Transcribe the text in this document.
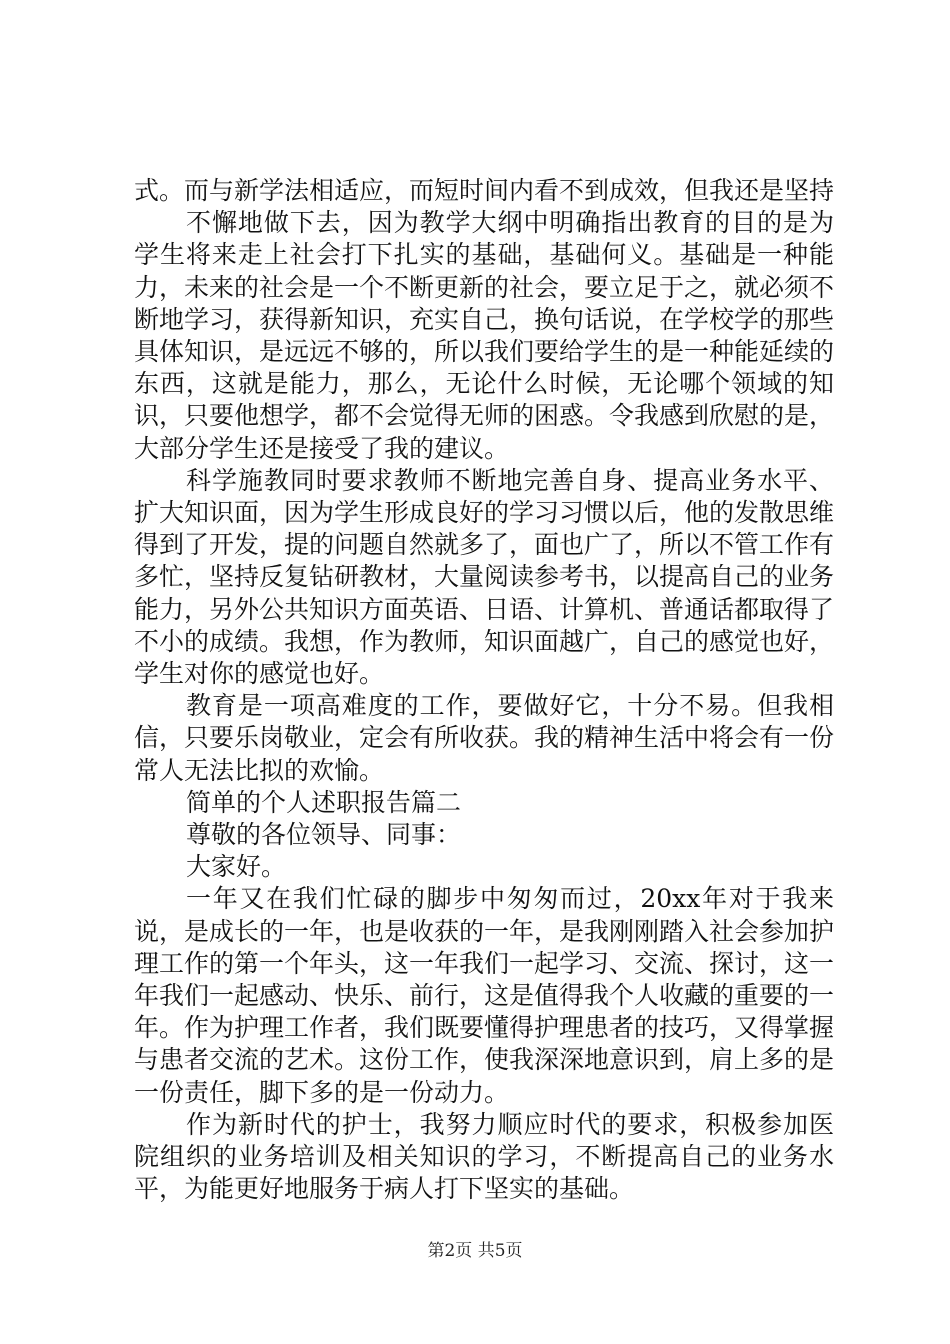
式。而与新学法相适应，而短时间内看不到成效，但我还是坚持

不懈地做下去，因为教学大纲中明确指出教育的目的是为学生将来走上社会打下扎实的基础，基础何义。基础是一种能力，未来的社会是一个不断更新的社会，要立足于之，就必须不断地学习，获得新知识，充实自己，换句话说，在学校学的那些具体知识，是远远不够的，所以我们要给学生的是一种能延续的东西，这就是能力，那么，无论什么时候，无论哪个领域的知识，只要他想学，都不会觉得无师的困惑。令我感到欣慰的是，大部分学生还是接受了我的建议。

科学施教同时要求教师不断地完善自身、提高业务水平、扩大知识面，因为学生形成良好的学习习惯以后，他的发散思维得到了开发，提的问题自然就多了，面也广了，所以不管工作有多忙，坚持反复钻研教材，大量阅读参考书，以提高自己的业务能力，另外公共知识方面英语、日语、计算机、普通话都取得了不小的成绩。我想，作为教师，知识面越广，自己的感觉也好，学生对你的感觉也好。

教育是一项高难度的工作，要做好它，十分不易。但我相信，只要乐岗敬业，定会有所收获。我的精神生活中将会有一份常人无法比拟的欢愉。

简单的个人述职报告篇二

尊敬的各位领导、同事：

大家好。

一年又在我们忙碌的脚步中匆匆而过，20xx年对于我来说，是成长的一年，也是收获的一年，是我刚刚踏入社会参加护理工作的第一个年头，这一年我们一起学习、交流、探讨，这一年我们一起感动、快乐、前行，这是值得我个人收藏的重要的一年。作为护理工作者，我们既要懂得护理患者的技巧，又得掌握与患者交流的艺术。这份工作，使我深深地意识到，肩上多的是一份责任，脚下多的是一份动力。

作为新时代的护士，我努力顺应时代的要求，积极参加医院组织的业务培训及相关知识的学习，不断提高自己的业务水平，为能更好地服务于病人打下坚实的基础。

第2页 共5页
